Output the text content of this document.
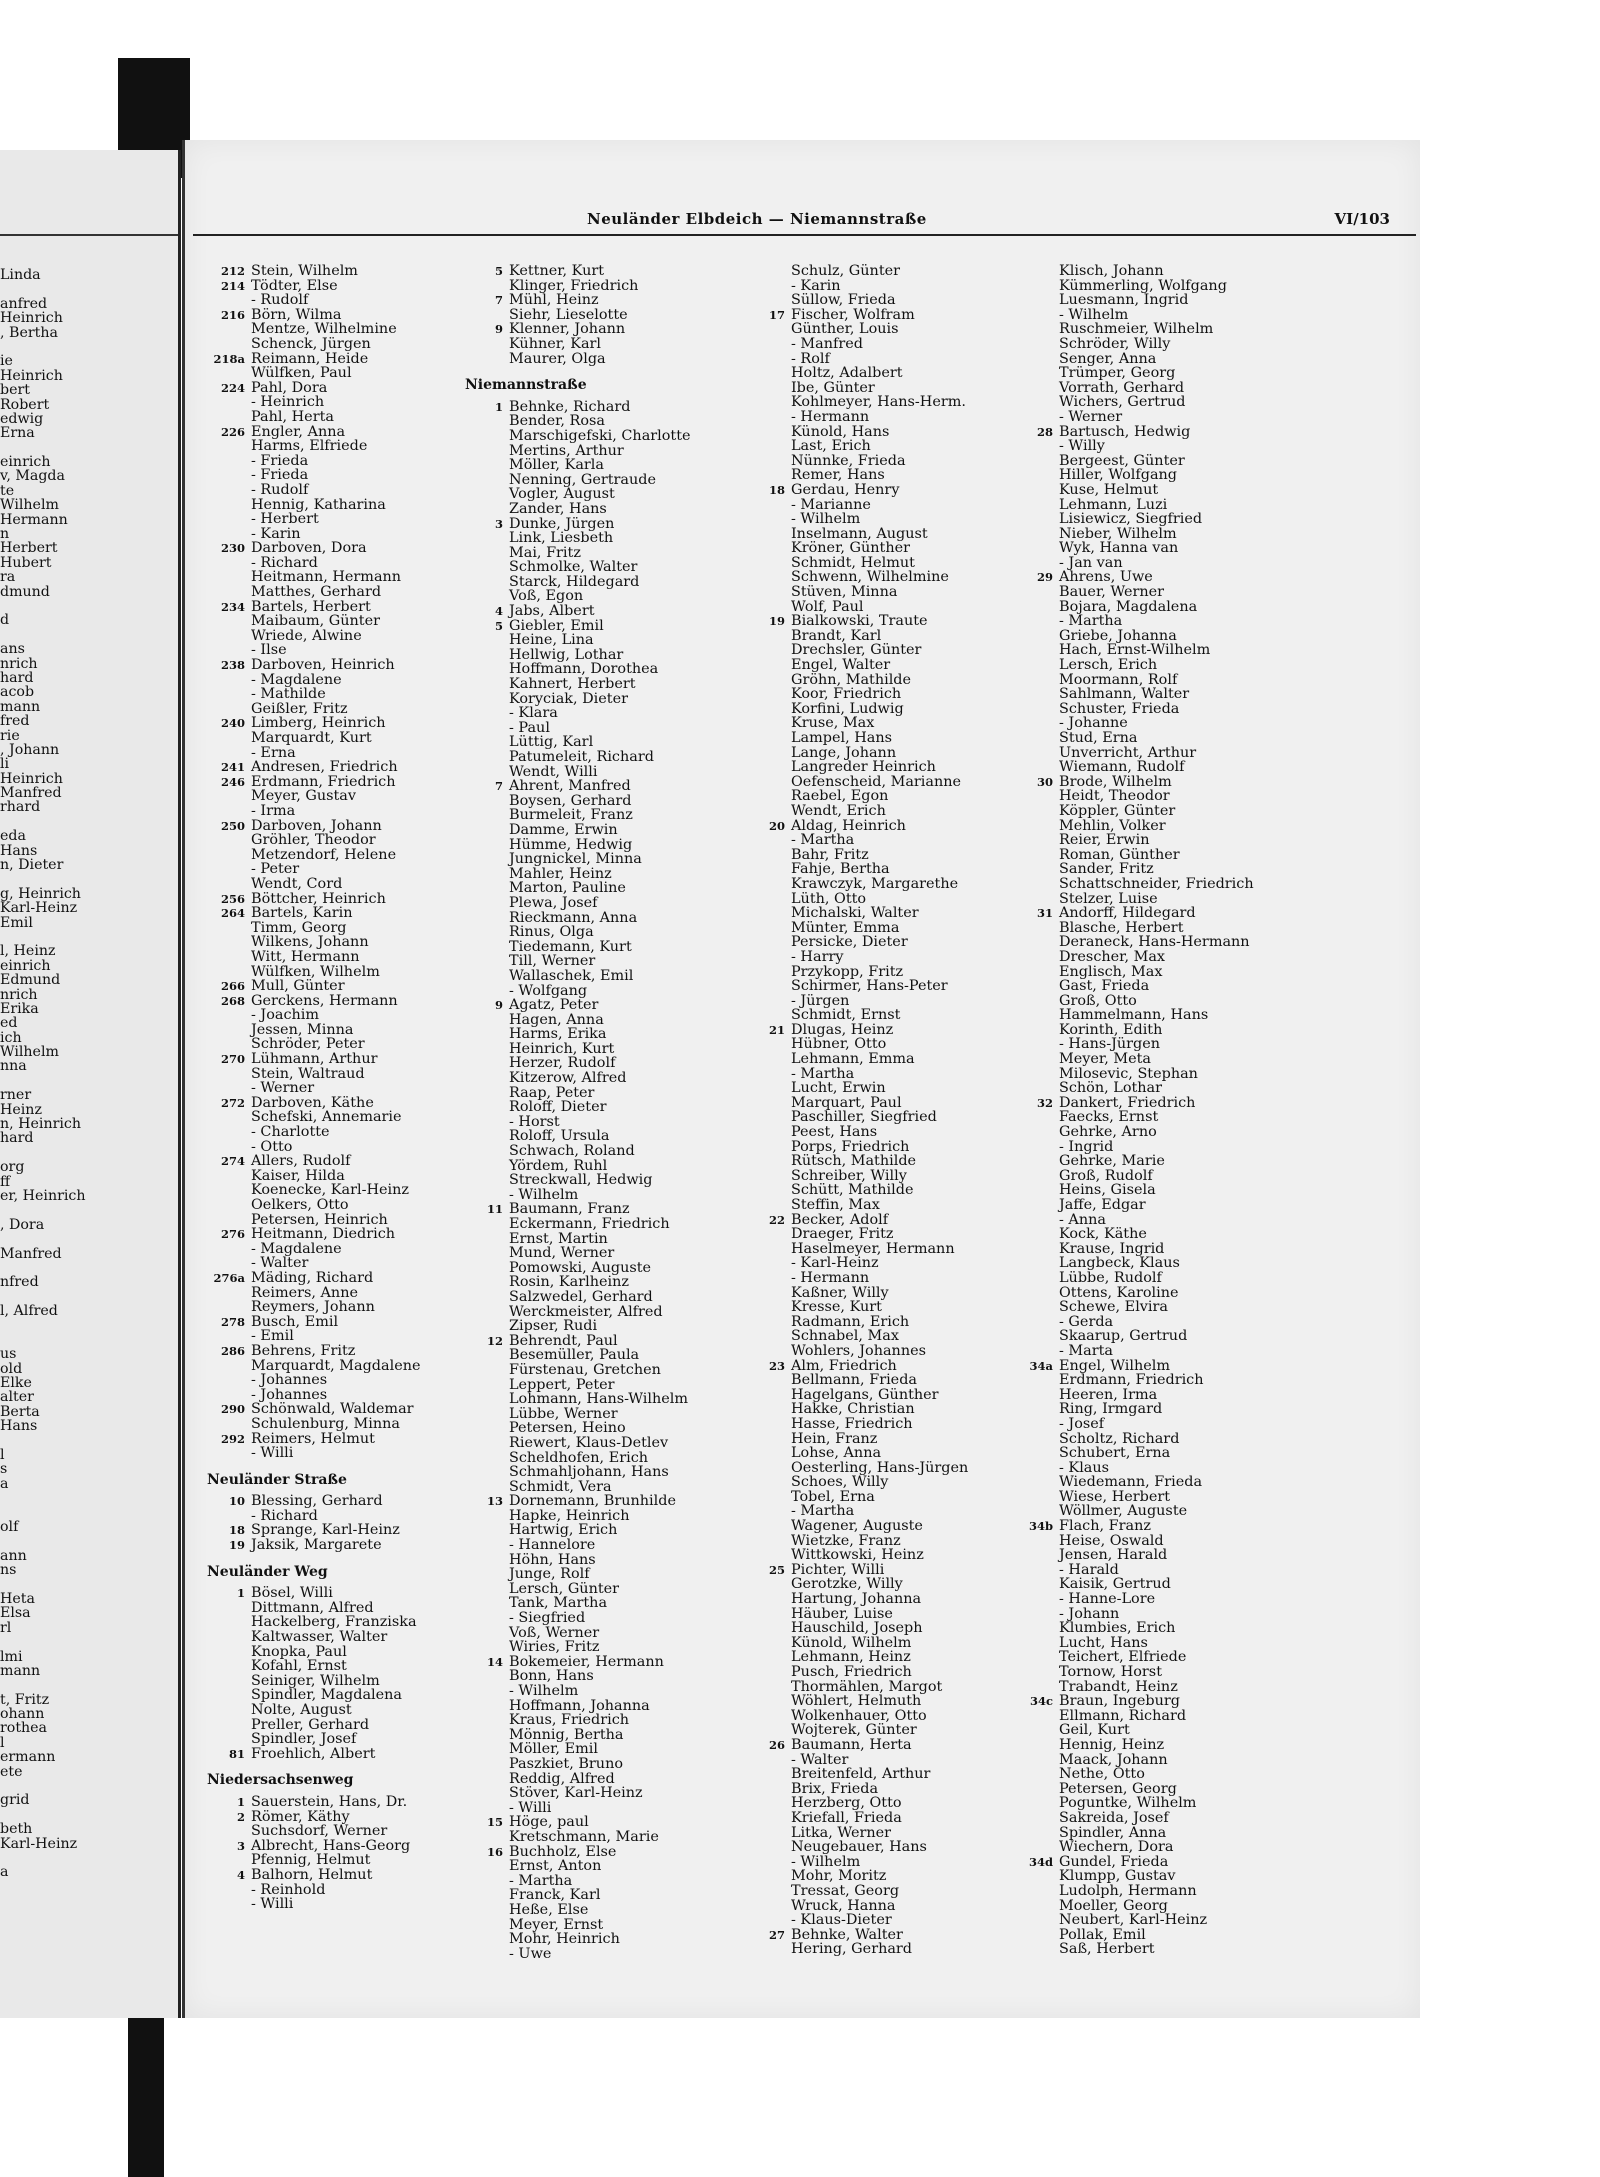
Linda
anfred
Heinrich
, Bertha
ie
Heinrich
bert
Robert
edwig
Erna
einrich
v, Magda
te
Wilhelm
Hermann
n
Herbert
Hubert
ra
dmund
d
ans
nrich
hard
acob
mann
fred
rie
, Johann
li
Heinrich
Manfred
rhard
eda
Hans
n, Dieter
g, Heinrich
Karl-Heinz
Emil
l, Heinz
einrich
Edmund
nrich
Erika
ed
ich
Wilhelm
nna
rner
Heinz
n, Heinrich
hard
org
ff
er, Heinrich
, Dora
Manfred
nfred
l, Alfred
us
old
Elke
alter
Berta
Hans
l
s
a
olf
ann
ns
Heta
Elsa
rl
lmi
mann
t, Fritz
ohann
rothea
l
ermann
ete
grid
beth
Karl-Heinz
a
Neuländer Elbdeich — Niemannstraße	VI/103
212 Stein, Wilhelm
214 Tödter, Else
- Rudolf
216 Börn, Wilma
Mentze, Wilhelmine
Schenck, Jürgen
218a Reimann, Heide
Wülfken, Paul
224 Pahl, Dora
- Heinrich
Pahl, Herta
226 Engler, Anna
Harms, Elfriede
- Frieda
- Frieda
- Rudolf
Hennig, Katharina
- Herbert
- Karin
230 Darboven, Dora
- Richard
Heitmann, Hermann
Matthes, Gerhard
234 Bartels, Herbert
Maibaum, Günter
Wriede, Alwine
- Ilse
238 Darboven, Heinrich
- Magdalene
- Mathilde
Geißler, Fritz
240 Limberg, Heinrich
Marquardt, Kurt
- Erna
241 Andresen, Friedrich
246 Erdmann, Friedrich
Meyer, Gustav
- Irma
250 Darboven, Johann
Gröhler, Theodor
Metzendorf, Helene
- Peter
Wendt, Cord
256 Böttcher, Heinrich
264 Bartels, Karin
Timm, Georg
Wilkens, Johann
Witt, Hermann
Wülfken, Wilhelm
266 Mull, Günter
268 Gerckens, Hermann
- Joachim
Jessen, Minna
Schröder, Peter
270 Lühmann, Arthur
Stein, Waltraud
- Werner
272 Darboven, Käthe
Schefski, Annemarie
- Charlotte
- Otto
274 Allers, Rudolf
Kaiser, Hilda
Koenecke, Karl-Heinz
Oelkers, Otto
Petersen, Heinrich
276 Heitmann, Diedrich
- Magdalene
- Walter
276a Mäding, Richard
Reimers, Anne
Reymers, Johann
278 Busch, Emil
- Emil
286 Behrens, Fritz
Marquardt, Magdalene
- Johannes
- Johannes
290 Schönwald, Waldemar
Schulenburg, Minna
292 Reimers, Helmut
- Willi
Neuländer Straße
10 Blessing, Gerhard
- Richard
18 Sprange, Karl-Heinz
19 Jaksik, Margarete
Neuländer Weg
1 Bösel, Willi
Dittmann, Alfred
Hackelberg, Franziska
Kaltwasser, Walter
Knopka, Paul
Kofahl, Ernst
Seiniger, Wilhelm
Spindler, Magdalena
Nolte, August
Preller, Gerhard
Spindler, Josef
81 Froehlich, Albert
Niedersachsenweg
1 Sauerstein, Hans, Dr.
2 Römer, Käthy
Suchsdorf, Werner
3 Albrecht, Hans-Georg
Pfennig, Helmut
4 Balhorn, Helmut
- Reinhold
- Willi
5 Kettner, Kurt
Klinger, Friedrich
7 Mühl, Heinz
Siehr, Lieselotte
9 Klenner, Johann
Kühner, Karl
Maurer, Olga
Niemannstraße
1 Behnke, Richard
Bender, Rosa
Marschigefski, Charlotte
Mertins, Arthur
Möller, Karla
Nenning, Gertraude
Vogler, August
Zander, Hans
3 Dunke, Jürgen
Link, Liesbeth
Mai, Fritz
Schmolke, Walter
Starck, Hildegard
Voß, Egon
4 Jabs, Albert
5 Giebler, Emil
Heine, Lina
Hellwig, Lothar
Hoffmann, Dorothea
Kahnert, Herbert
Koryciak, Dieter
- Klara
- Paul
Lüttig, Karl
Patumeleit, Richard
Wendt, Willi
7 Ahrent, Manfred
Boysen, Gerhard
Burmeleit, Franz
Damme, Erwin
Hümme, Hedwig
Jungnickel, Minna
Mahler, Heinz
Marton, Pauline
Plewa, Josef
Rieckmann, Anna
Rinus, Olga
Tiedemann, Kurt
Till, Werner
Wallaschek, Emil
- Wolfgang
9 Agatz, Peter
Hagen, Anna
Harms, Erika
Heinrich, Kurt
Herzer, Rudolf
Kitzerow, Alfred
Raap, Peter
Roloff, Dieter
- Horst
Roloff, Ursula
Schwach, Roland
Yördem, Ruhl
Streckwall, Hedwig
- Wilhelm
11 Baumann, Franz
Eckermann, Friedrich
Ernst, Martin
Mund, Werner
Pomowski, Auguste
Rosin, Karlheinz
Salzwedel, Gerhard
Werckmeister, Alfred
Zipser, Rudi
12 Behrendt, Paul
Besemüller, Paula
Fürstenau, Gretchen
Leppert, Peter
Lohmann, Hans-Wilhelm
Lübbe, Werner
Petersen, Heino
Riewert, Klaus-Detlev
Scheldhofen, Erich
Schmahljohann, Hans
Schmidt, Vera
13 Dornemann, Brunhilde
Hapke, Heinrich
Hartwig, Erich
- Hannelore
Höhn, Hans
Junge, Rolf
Lersch, Günter
Tank, Martha
- Siegfried
Voß, Werner
Wiries, Fritz
14 Bokemeier, Hermann
Bonn, Hans
- Wilhelm
Hoffmann, Johanna
Kraus, Friedrich
Mönnig, Bertha
Möller, Emil
Paszkiet, Bruno
Reddig, Alfred
Stöver, Karl-Heinz
- Willi
15 Höge, paul
Kretschmann, Marie
16 Buchholz, Else
Ernst, Anton
- Martha
Franck, Karl
Heße, Else
Meyer, Ernst
Mohr, Heinrich
- Uwe
Schulz, Günter
- Karin
Süllow, Frieda
17 Fischer, Wolfram
Günther, Louis
- Manfred
- Rolf
Holtz, Adalbert
Ibe, Günter
Kohlmeyer, Hans-Herm.
- Hermann
Künold, Hans
Last, Erich
Nünnke, Frieda
Remer, Hans
18 Gerdau, Henry
- Marianne
- Wilhelm
Inselmann, August
Kröner, Günther
Schmidt, Helmut
Schwenn, Wilhelmine
Stüven, Minna
Wolf, Paul
19 Bialkowski, Traute
Brandt, Karl
Drechsler, Günter
Engel, Walter
Gröhn, Mathilde
Koor, Friedrich
Korfini, Ludwig
Kruse, Max
Lampel, Hans
Lange, Johann
Langreder Heinrich
Oefenscheid, Marianne
Raebel, Egon
Wendt, Erich
20 Aldag, Heinrich
- Martha
Bahr, Fritz
Fahje, Bertha
Krawczyk, Margarethe
Lüth, Otto
Michalski, Walter
Münter, Emma
Persicke, Dieter
- Harry
Przykopp, Fritz
Schirmer, Hans-Peter
- Jürgen
Schmidt, Ernst
21 Dlugas, Heinz
Hübner, Otto
Lehmann, Emma
- Martha
Lucht, Erwin
Marquart, Paul
Paschiller, Siegfried
Peest, Hans
Porps, Friedrich
Rütsch, Mathilde
Schreiber, Willy
Schütt, Mathilde
Steffin, Max
22 Becker, Adolf
Draeger, Fritz
Haselmeyer, Hermann
- Karl-Heinz
- Hermann
Kaßner, Willy
Kresse, Kurt
Radmann, Erich
Schnabel, Max
Wohlers, Johannes
23 Alm, Friedrich
Bellmann, Frieda
Hagelgans, Günther
Hakke, Christian
Hasse, Friedrich
Hein, Franz
Lohse, Anna
Oesterling, Hans-Jürgen
Schoes, Willy
Tobel, Erna
- Martha
Wagener, Auguste
Wietzke, Franz
Wittkowski, Heinz
25 Pichter, Willi
Gerotzke, Willy
Hartung, Johanna
Häuber, Luise
Hauschild, Joseph
Künold, Wilhelm
Lehmann, Heinz
Pusch, Friedrich
Thormählen, Margot
Wöhlert, Helmuth
Wolkenhauer, Otto
Wojterek, Günter
26 Baumann, Herta
- Walter
Breitenfeld, Arthur
Brix, Frieda
Herzberg, Otto
Kriefall, Frieda
Litka, Werner
Neugebauer, Hans
- Wilhelm
Mohr, Moritz
Tressat, Georg
Wruck, Hanna
- Klaus-Dieter
27 Behnke, Walter
Hering, Gerhard
Klisch, Johann
Kümmerling, Wolfgang
Luesmann, Ingrid
- Wilhelm
Ruschmeier, Wilhelm
Schröder, Willy
Senger, Anna
Trümper, Georg
Vorrath, Gerhard
Wichers, Gertrud
- Werner
28 Bartusch, Hedwig
- Willy
Bergeest, Günter
Hiller, Wolfgang
Kuse, Helmut
Lehmann, Luzi
Lisiewicz, Siegfried
Nieber, Wilhelm
Wyk, Hanna van
- Jan van
29 Ahrens, Uwe
Bauer, Werner
Bojara, Magdalena
- Martha
Griebe, Johanna
Hach, Ernst-Wilhelm
Lersch, Erich
Moormann, Rolf
Sahlmann, Walter
Schuster, Frieda
- Johanne
Stud, Erna
Unverricht, Arthur
Wiemann, Rudolf
30 Brode, Wilhelm
Heidt, Theodor
Köppler, Günter
Mehlin, Volker
Reier, Erwin
Roman, Günther
Sander, Fritz
Schattschneider, Friedrich
Stelzer, Luise
31 Andorff, Hildegard
Blasche, Herbert
Deraneck, Hans-Hermann
Drescher, Max
Englisch, Max
Gast, Frieda
Groß, Otto
Hammelmann, Hans
Korinth, Edith
- Hans-Jürgen
Meyer, Meta
Milosevic, Stephan
Schön, Lothar
32 Dankert, Friedrich
Faecks, Ernst
Gehrke, Arno
- Ingrid
Gehrke, Marie
Groß, Rudolf
Heins, Gisela
Jaffe, Edgar
- Anna
Kock, Käthe
Krause, Ingrid
Langbeck, Klaus
Lübbe, Rudolf
Ottens, Karoline
Schewe, Elvira
- Gerda
Skaarup, Gertrud
- Marta
34a Engel, Wilhelm
Erdmann, Friedrich
Heeren, Irma
Ring, Irmgard
- Josef
Scholtz, Richard
Schubert, Erna
- Klaus
Wiedemann, Frieda
Wiese, Herbert
Wöllmer, Auguste
34b Flach, Franz
Heise, Oswald
Jensen, Harald
- Harald
Kaisik, Gertrud
- Hanne-Lore
- Johann
Klumbies, Erich
Lucht, Hans
Teichert, Elfriede
Tornow, Horst
Trabandt, Heinz
34c Braun, Ingeburg
Ellmann, Richard
Geil, Kurt
Hennig, Heinz
Maack, Johann
Nethe, Otto
Petersen, Georg
Poguntke, Wilhelm
Sakreida, Josef
Spindler, Anna
Wiechern, Dora
34d Gundel, Frieda
Klumpp, Gustav
Ludolph, Hermann
Moeller, Georg
Neubert, Karl-Heinz
Pollak, Emil
Saß, Herbert
